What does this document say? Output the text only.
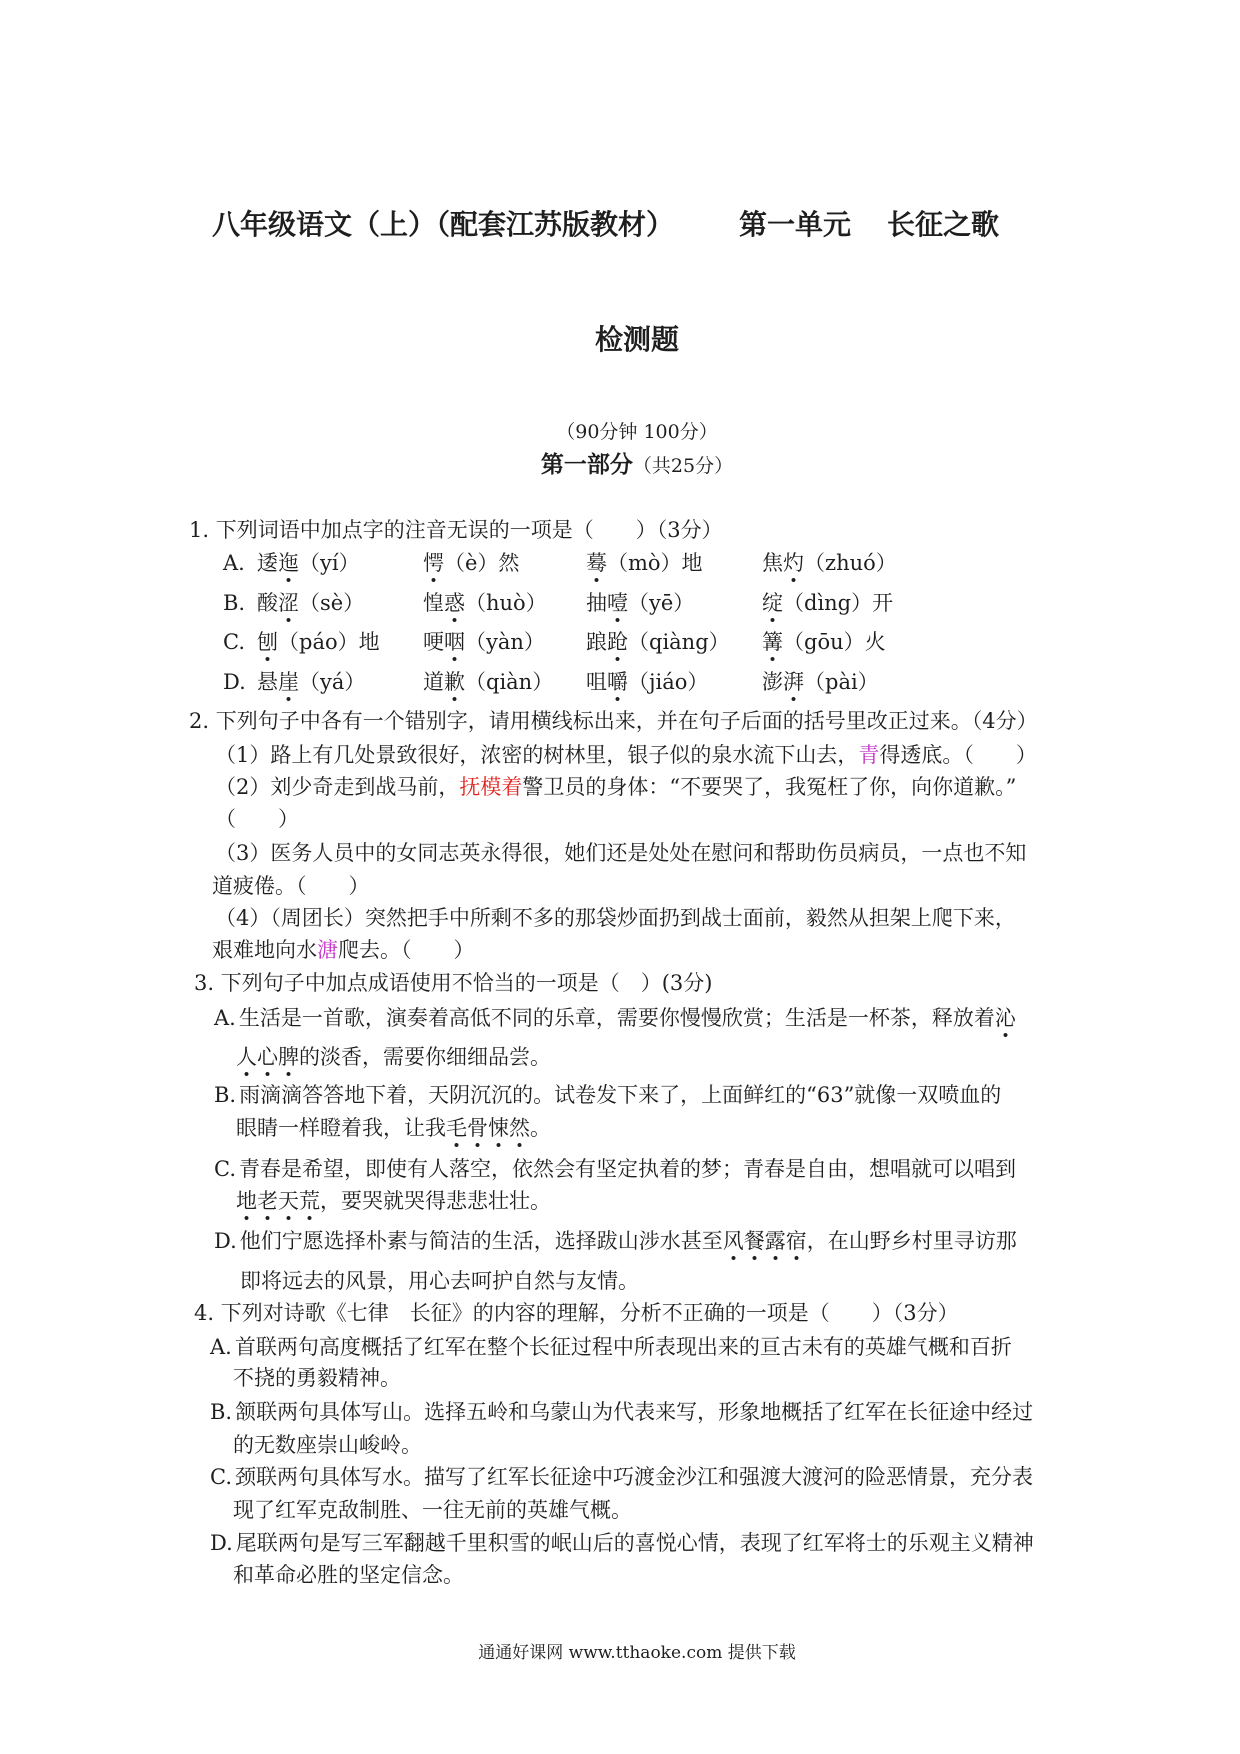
八年级语文（上）（配套江苏版教材） 第一单元 长征之歌
检测题
（90分钟 100分）
第一部分（共25分）
1. 下列词语中加点字的注音无误的一项是（　　）（3分）
A. 逶迤（yí）	愕（è）然	蓦（mò）地	焦灼（zhuó）
B. 酸涩（sè）	惶惑（huò） 抽噎（yē）	绽（dìng）开
C. 刨（páo）地 哽咽（yàn） 踉跄（qiàng） 篝（gōu）火
D. 悬崖（yá）	道歉（qiàn） 咀嚼（jiáo）	澎湃（pài）
2. 下列句子中各有一个错别字，请用横线标出来，并在句子后面的括号里改正过来。（4分）
（1）路上有几处景致很好，浓密的树林里，银子似的泉水流下山去，青得透底。（　　）
（2）刘少奇走到战马前，抚模着警卫员的身体：“不要哭了，我冤枉了你，向你道歉。”
（　　）
（3）医务人员中的女同志英永得很，她们还是处处在慰问和帮助伤员病员，一点也不知
道疲倦。（　　）
（4）（周团长）突然把手中所剩不多的那袋炒面扔到战士面前，毅然从担架上爬下来，
艰难地向水溏爬去。（　　）
3. 下列句子中加点成语使用不恰当的一项是（　）(3分)
A. 生活是一首歌，演奏着高低不同的乐章，需要你慢慢欣赏；生活是一杯茶，释放着沁
人心脾的淡香，需要你细细品尝。
B. 雨滴滴答答地下着，天阴沉沉的。试卷发下来了，上面鲜红的“63”就像一双喷血的
眼睛一样瞪着我，让我毛骨悚然。
C. 青春是希望，即使有人落空，依然会有坚定执着的梦；青春是自由，想唱就可以唱到
地老天荒，要哭就哭得悲悲壮壮。
D. 他们宁愿选择朴素与简洁的生活，选择跋山涉水甚至风餐露宿，在山野乡村里寻访那
即将远去的风景，用心去呵护自然与友情。
4. 下列对诗歌《七律　长征》的内容的理解，分析不正确的一项是（　　）（3分）
A. 首联两句高度概括了红军在整个长征过程中所表现出来的亘古未有的英雄气概和百折
不挠的勇毅精神。
B. 颔联两句具体写山。选择五岭和乌蒙山为代表来写，形象地概括了红军在长征途中经过
的无数座崇山峻岭。
C. 颈联两句具体写水。描写了红军长征途中巧渡金沙江和强渡大渡河的险恶情景，充分表
现了红军克敌制胜、一往无前的英雄气概。
D. 尾联两句是写三军翻越千里积雪的岷山后的喜悦心情，表现了红军将士的乐观主义精神
和革命必胜的坚定信念。
通通好课网 www.tthaoke.com 提供下载
